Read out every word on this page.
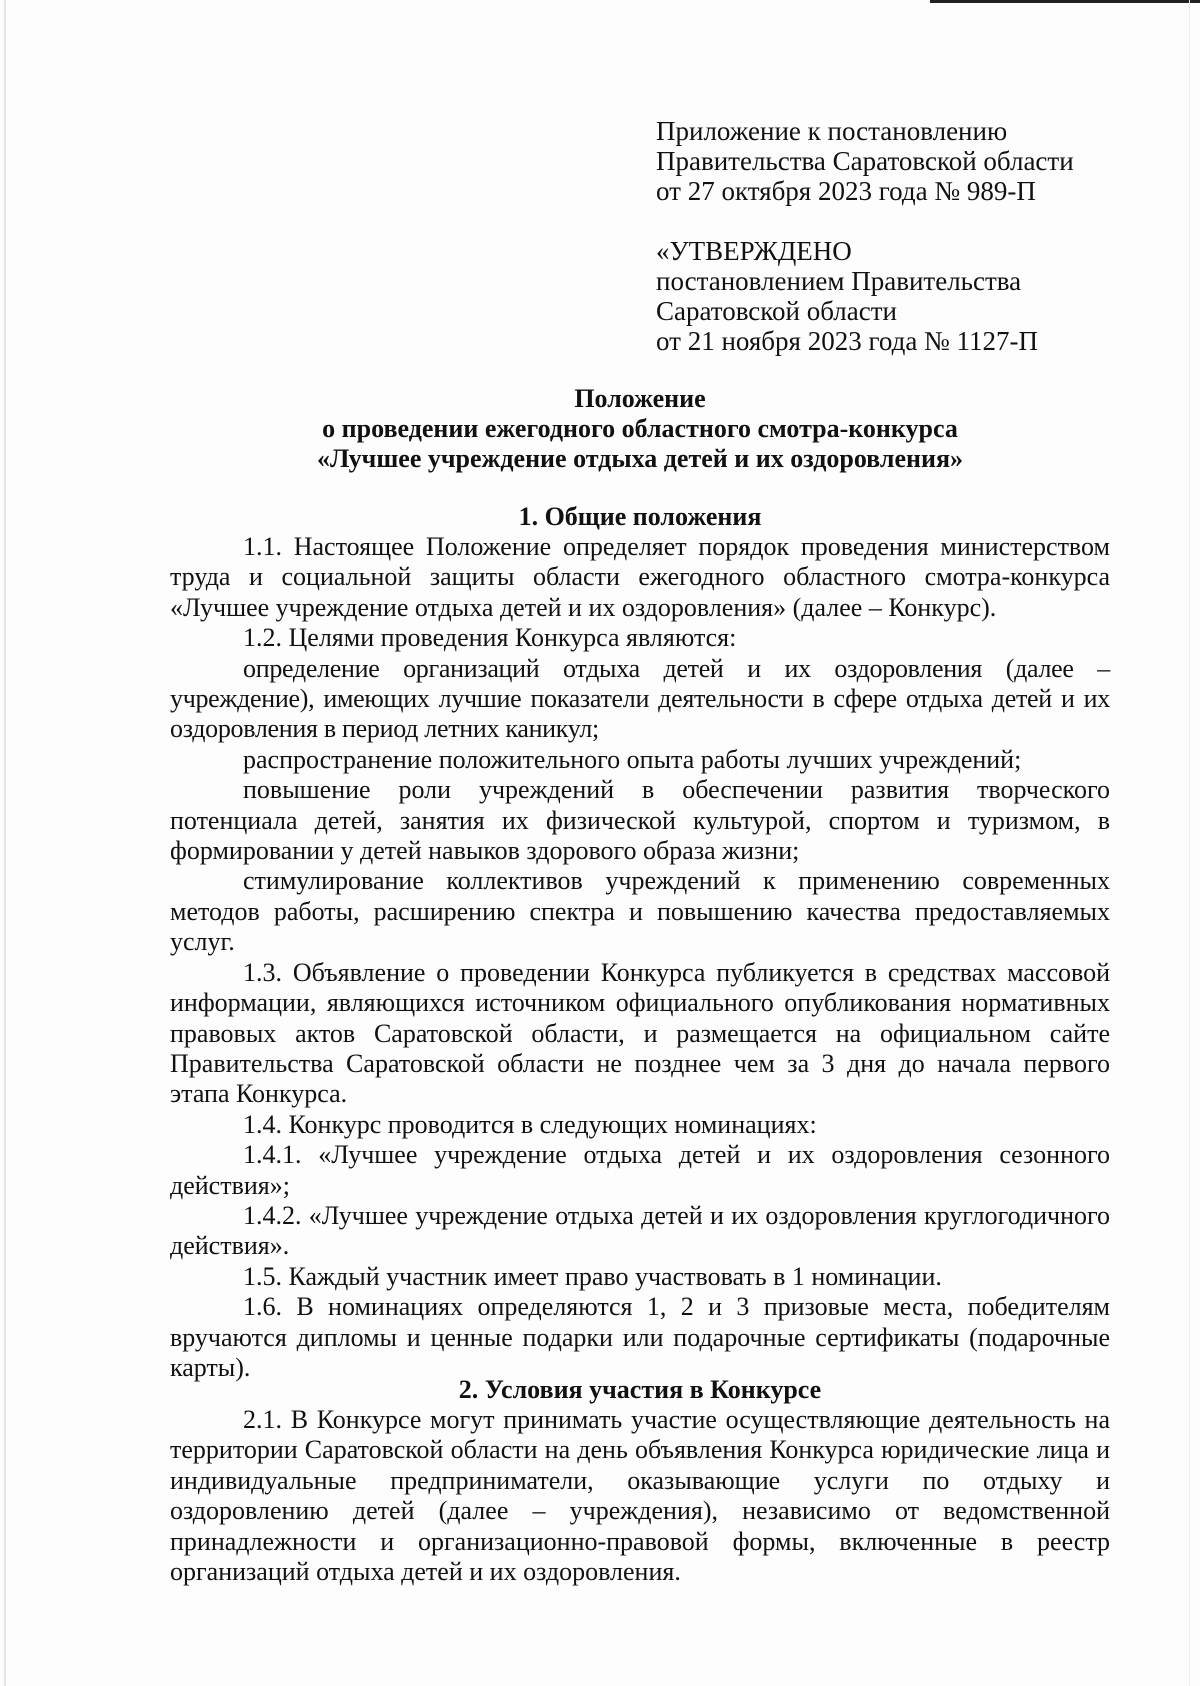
Приложение к постановлению
Правительства Саратовской области
от 27 октября 2023 года № 989-П
«УТВЕРЖДЕНО
постановлением Правительства
Саратовской области
от 21 ноября 2023 года № 1127-П
Положение
о проведении ежегодного областного смотра-конкурса
«Лучшее учреждение отдыха детей и их оздоровления»
1. Общие положения

1.1. Настоящее Положение определяет порядок проведения министерством труда и социальной защиты области ежегодного областного смотра-конкурса «Лучшее учреждение отдыха детей и их оздоровления» (далее – Конкурс).

1.2. Целями проведения Конкурса являются:

определение организаций отдыха детей и их оздоровления (далее – учреждение), имеющих лучшие показатели деятельности в сфере отдыха детей и их оздоровления в период летних каникул;

распространение положительного опыта работы лучших учреждений;

повышение роли учреждений в обеспечении развития творческого потенциала детей, занятия их физической культурой, спортом и туризмом, в формировании у детей навыков здорового образа жизни;

стимулирование коллективов учреждений к применению современных методов работы, расширению спектра и повышению качества предоставляемых услуг.

1.3. Объявление о проведении Конкурса публикуется в средствах массовой информации, являющихся источником официального опубликования нормативных правовых актов Саратовской области, и размещается на официальном сайте Правительства Саратовской области не позднее чем за 3 дня до начала первого этапа Конкурса.

1.4. Конкурс проводится в следующих номинациях:

1.4.1. «Лучшее учреждение отдыха детей и их оздоровления сезонного действия»;

1.4.2. «Лучшее учреждение отдыха детей и их оздоровления круглогодичного действия».

1.5. Каждый участник имеет право участвовать в 1 номинации.

1.6. В номинациях определяются 1, 2 и 3 призовые места, победителям вручаются дипломы и ценные подарки или подарочные сертификаты (подарочные карты).

2. Условия участия в Конкурсе

2.1. В Конкурсе могут принимать участие осуществляющие деятельность на территории Саратовской области на день объявления Конкурса юридические лица и индивидуальные предприниматели, оказывающие услуги по отдыху и оздоровлению детей (далее – учреждения), независимо от ведомственной принадлежности и организационно-правовой формы, включенные в реестр организаций отдыха детей и их оздоровления.
